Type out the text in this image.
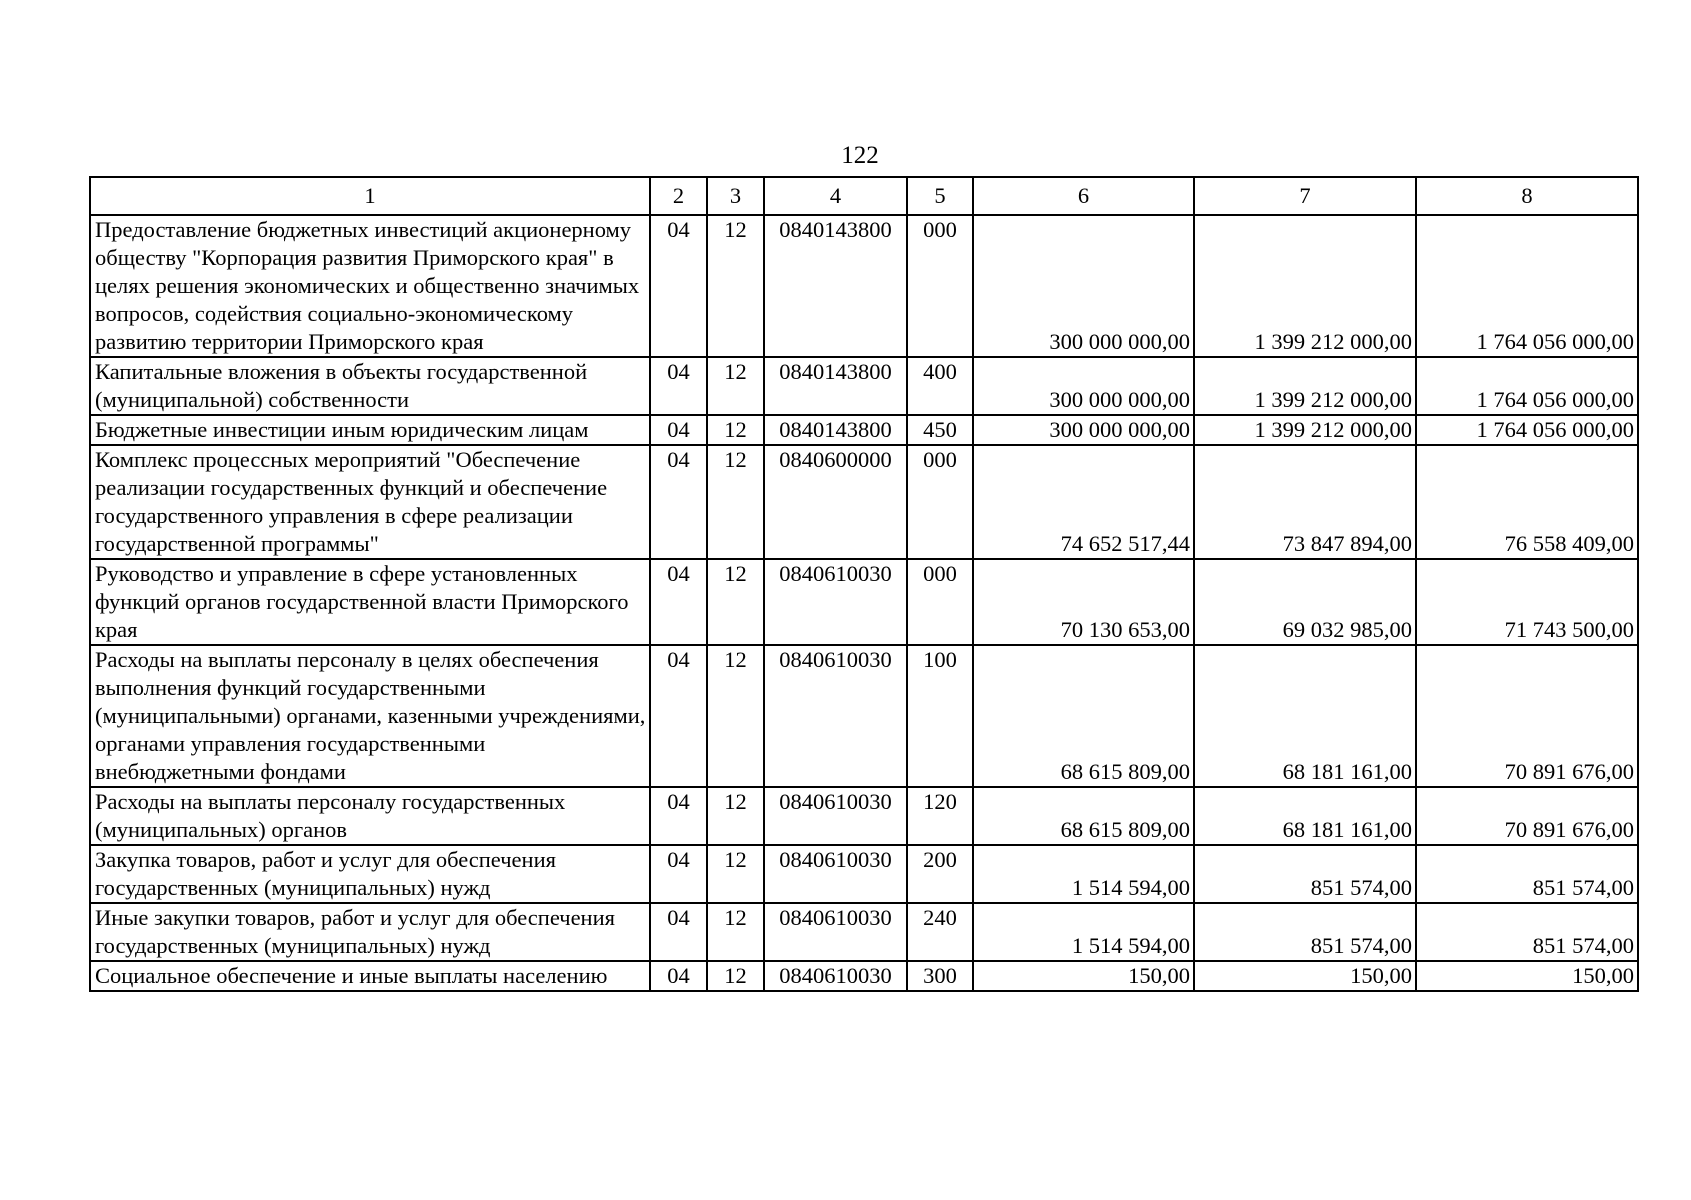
122
1	2	3	4	5	6	7	8
Предоставление бюджетных инвестиций акционерному обществу "Корпорация развития Приморского края" в целях решения экономических и общественно значимых вопросов, содействия социально-экономическому развитию территории Приморского края	04	12	0840143800	000	300 000 000,00	1 399 212 000,00	1 764 056 000,00
Капитальные вложения в объекты государственной (муниципальной) собственности	04	12	0840143800	400	300 000 000,00	1 399 212 000,00	1 764 056 000,00
Бюджетные инвестиции иным юридическим лицам	04	12	0840143800	450	300 000 000,00	1 399 212 000,00	1 764 056 000,00
Комплекс процессных мероприятий "Обеспечение реализации государственных функций и обеспечение государственного управления в сфере реализации государственной программы"	04	12	0840600000	000	74 652 517,44	73 847 894,00	76 558 409,00
Руководство и управление в сфере установленных функций органов государственной власти Приморского края	04	12	0840610030	000	70 130 653,00	69 032 985,00	71 743 500,00
Расходы на выплаты персоналу в целях обеспечения выполнения функций государственными (муниципальными) органами, казенными учреждениями, органами управления государственными внебюджетными фондами	04	12	0840610030	100	68 615 809,00	68 181 161,00	70 891 676,00
Расходы на выплаты персоналу государственных (муниципальных) органов	04	12	0840610030	120	68 615 809,00	68 181 161,00	70 891 676,00
Закупка товаров, работ и услуг для обеспечения государственных (муниципальных) нужд	04	12	0840610030	200	1 514 594,00	851 574,00	851 574,00
Иные закупки товаров, работ и услуг для обеспечения государственных (муниципальных) нужд	04	12	0840610030	240	1 514 594,00	851 574,00	851 574,00
Социальное обеспечение и иные выплаты населению	04	12	0840610030	300	150,00	150,00	150,00
